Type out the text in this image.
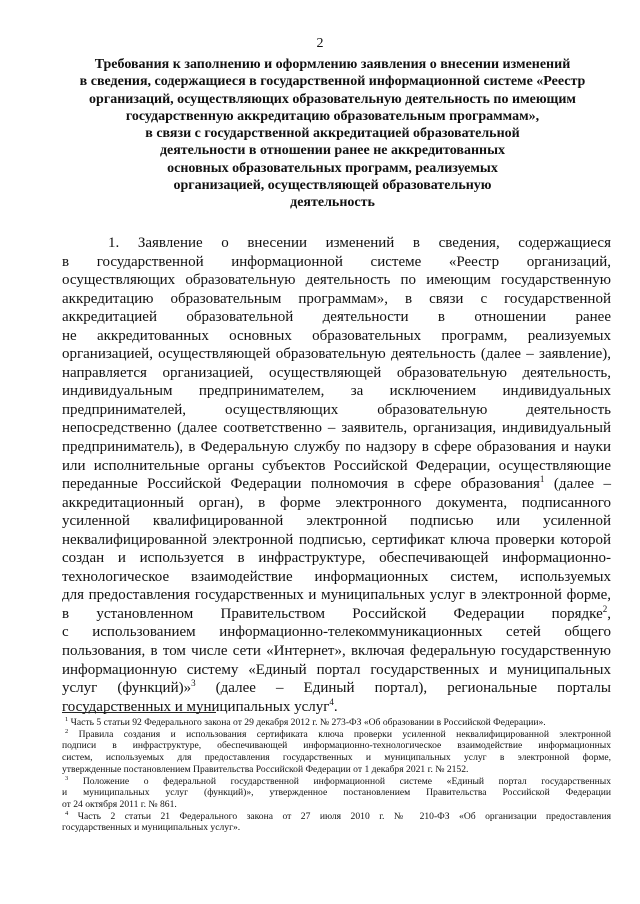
2
Требования к заполнению и оформлению заявления о внесении изменений
в сведения, содержащиеся в государственной информационной системе «Реестр
организаций, осуществляющих образовательную деятельность по имеющим
государственную аккредитацию образовательным программам»,
в связи с государственной аккредитацией образовательной
деятельности в отношении ранее не аккредитованных
основных образовательных программ, реализуемых
организацией, осуществляющей образовательную
деятельность
1. Заявление о внесении изменений в сведения, содержащиеся
в государственной информационной системе «Реестр организаций,
осуществляющих образовательную деятельность по имеющим государственную
аккредитацию образовательным программам», в связи с государственной
аккредитацией образовательной деятельности в отношении ранее
не аккредитованных основных образовательных программ, реализуемых
организацией, осуществляющей образовательную деятельность (далее – заявление),
направляется организацией, осуществляющей образовательную деятельность,
индивидуальным предпринимателем, за исключением индивидуальных
предпринимателей, осуществляющих образовательную деятельность
непосредственно (далее соответственно – заявитель, организация, индивидуальный
предприниматель), в Федеральную службу по надзору в сфере образования и науки
или исполнительные органы субъектов Российской Федерации, осуществляющие
переданные Российской Федерации полномочия в сфере образования$^1$ (далее –
аккредитационный орган), в форме электронного документа, подписанного
усиленной квалифицированной электронной подписью или усиленной
неквалифицированной электронной подписью, сертификат ключа проверки которой
создан и используется в инфраструктуре, обеспечивающей информационно-
технологическое взаимодействие информационных систем, используемых
для предоставления государственных и муниципальных услуг в электронной форме,
в установленном Правительством Российской Федерации порядке$^2$,
с использованием информационно-телекоммуникационных сетей общего
пользования, в том числе сети «Интернет», включая федеральную государственную
информационную систему «Единый портал государственных и муниципальных
услуг (функций)»$^3$ (далее – Единый портал), региональные порталы
государственных и муниципальных услуг$^4$.
$^1$ Часть 5 статьи 92 Федерального закона от 29 декабря 2012 г. № 273-ФЗ «Об образовании в Российской Федерации».
$^2$ Правила создания и использования сертификата ключа проверки усиленной неквалифицированной электронной
подписи в инфраструктуре, обеспечивающей информационно-технологическое взаимодействие информационных
систем, используемых для предоставления государственных и муниципальных услуг в электронной форме,
утвержденные постановлением Правительства Российской Федерации от 1 декабря 2021 г. № 2152.
$^3$ Положение о федеральной государственной информационной системе «Единый портал государственных
и муниципальных услуг (функций)», утвержденное постановлением Правительства Российской Федерации
от 24 октября 2011 г. № 861.
$^4$ Часть 2 статьи 21 Федерального закона от 27 июля 2010 г. № 210-ФЗ «Об организации предоставления
государственных и муниципальных услуг».
